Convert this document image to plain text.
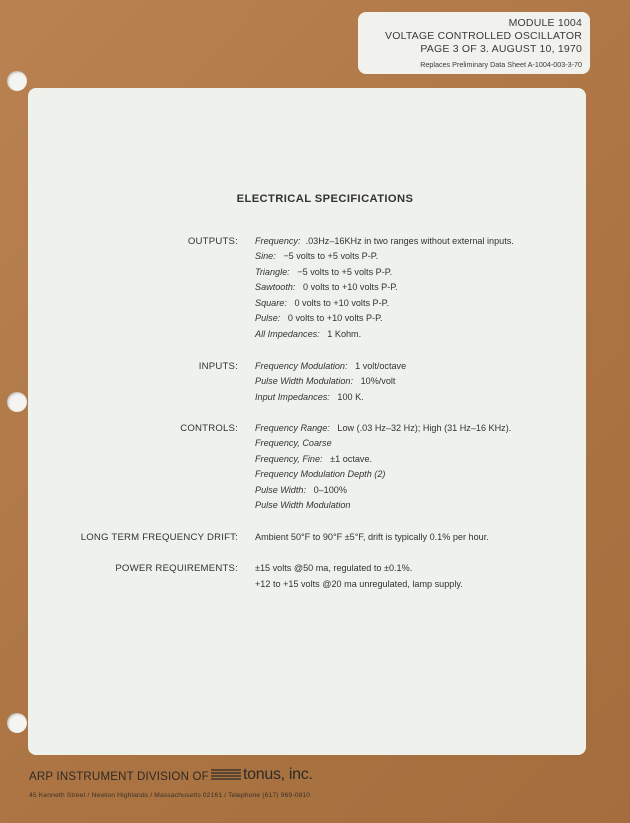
MODULE 1004
VOLTAGE CONTROLLED OSCILLATOR
PAGE 3 OF 3. AUGUST 10, 1970
Replaces Preliminary Data Sheet A-1004-003-3-70
ELECTRICAL SPECIFICATIONS
OUTPUTS: Frequency: .03Hz–16KHz in two ranges without external inputs.
Sine: −5 volts to +5 volts P-P.
Triangle: −5 volts to +5 volts P-P.
Sawtooth: 0 volts to +10 volts P-P.
Square: 0 volts to +10 volts P-P.
Pulse: 0 volts to +10 volts P-P.
All Impedances: 1 Kohm.
INPUTS: Frequency Modulation: 1 volt/octave
Pulse Width Modulation: 10%/volt
Input Impedances: 100 K.
CONTROLS: Frequency Range: Low (.03 Hz–32 Hz); High (31 Hz–16 KHz).
Frequency, Coarse
Frequency, Fine: ±1 octave.
Frequency Modulation Depth (2)
Pulse Width: 0–100%
Pulse Width Modulation
LONG TERM FREQUENCY DRIFT: Ambient 50°F to 90°F ±5°F, drift is typically 0.1% per hour.
POWER REQUIREMENTS: ±15 volts @50 ma, regulated to ±0.1%.
+12 to +15 volts @20 ma unregulated, lamp supply.
ARP INSTRUMENT DIVISION OF tonus, inc.
45 Kenneth Street / Newton Highlands / Massachusetts 02161 / Telephone (617) 969-0810
